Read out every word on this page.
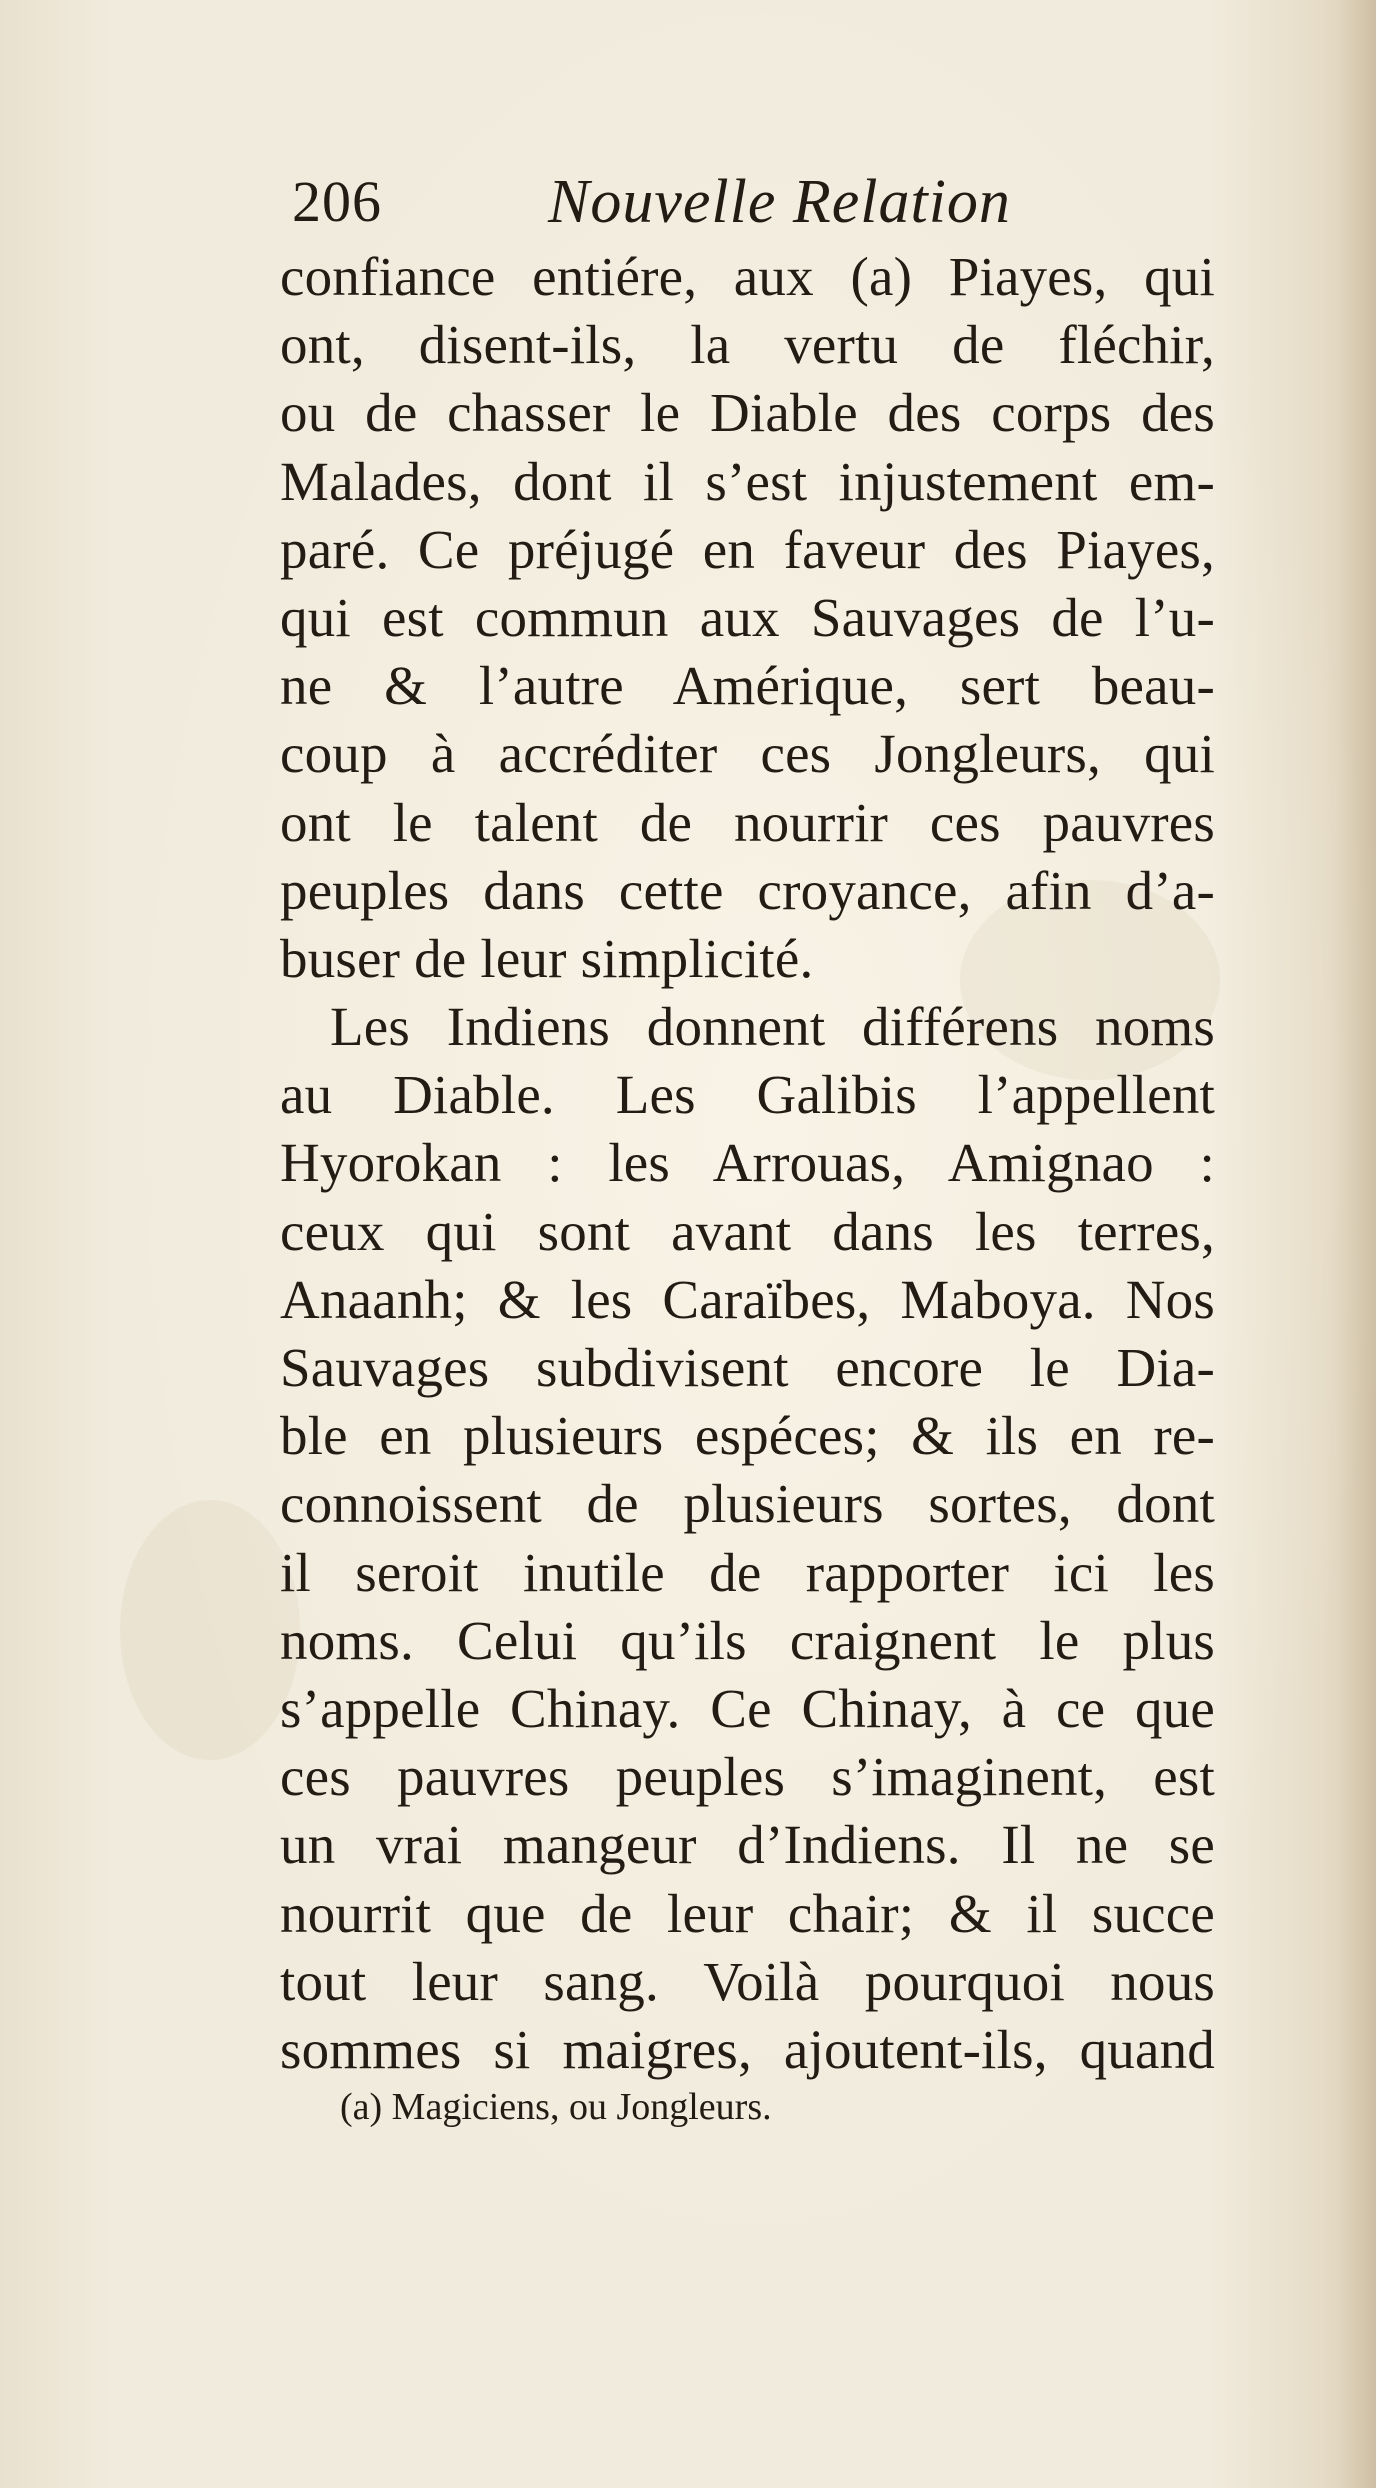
206	Nouvelle Relation
confiance entiére, aux (a) Piayes, qui
ont, disent-ils, la vertu de fléchir,
ou de chasser le Diable des corps des
Malades, dont il s’est injustement em-
paré. Ce préjugé en faveur des Piayes,
qui est commun aux Sauvages de l’u-
ne & l’autre Amérique, sert beau-
coup à accréditer ces Jongleurs, qui
ont le talent de nourrir ces pauvres
peuples dans cette croyance, afin d’a-
buser de leur simplicité.
Les Indiens donnent différens noms
au Diable. Les Galibis l’appellent
Hyorokan : les Arrouas, Amignao :
ceux qui sont avant dans les terres,
Anaanh; & les Caraïbes, Maboya. Nos
Sauvages subdivisent encore le Dia-
ble en plusieurs espéces; & ils en re-
connoissent de plusieurs sortes, dont
il seroit inutile de rapporter ici les
noms. Celui qu’ils craignent le plus
s’appelle Chinay. Ce Chinay, à ce que
ces pauvres peuples s’imaginent, est
un vrai mangeur d’Indiens. Il ne se
nourrit que de leur chair; & il succe
tout leur sang. Voilà pourquoi nous
sommes si maigres, ajoutent-ils, quand
(a) Magiciens, ou Jongleurs.
